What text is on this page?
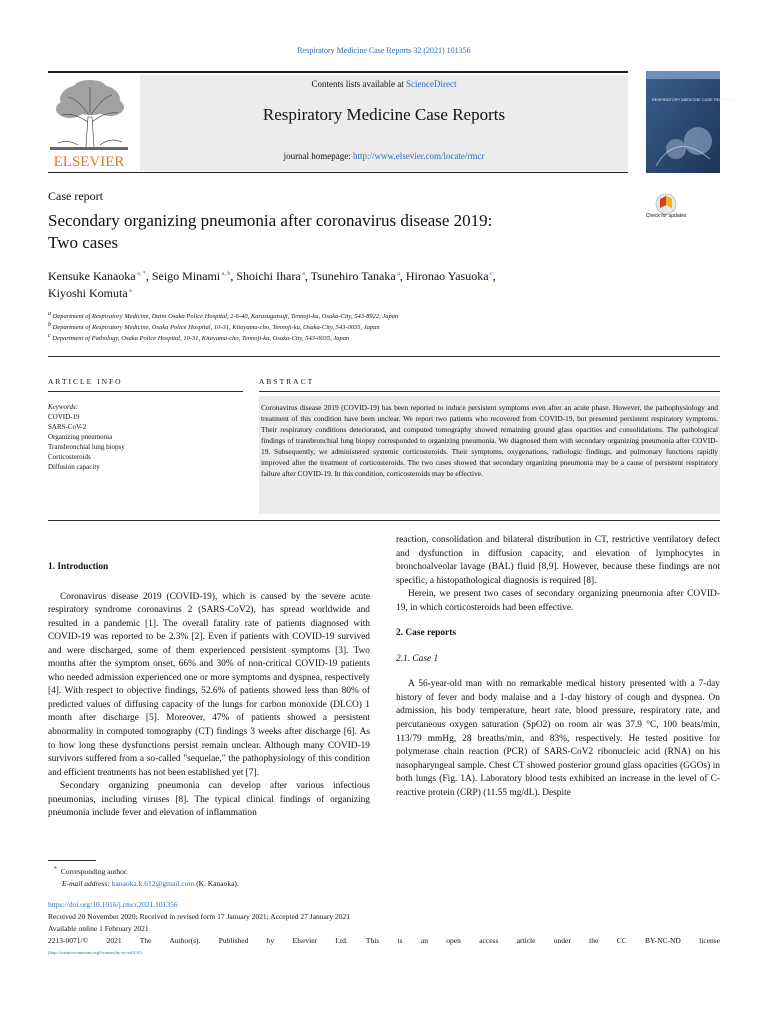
Respiratory Medicine Case Reports 32 (2021) 101356
Contents lists available at ScienceDirect
Respiratory Medicine Case Reports
journal homepage: http://www.elsevier.com/locate/rmcr
ELSEVIER
RESPIRATORY MEDICINE CASE REPORTS
Case report
Secondary organizing pneumonia after coronavirus disease 2019:
Two cases
Check for updates
Kensuke Kanaoka $^{a, *}$, Seigo Minami $^{a, b}$, Shoichi Ihara $^a$, Tsunehiro Tanaka $^a$, Hironao Yasuoka $^c$,
Kiyoshi Komuta $^a$
a Department of Respiratory Medicine, Daini Osaka Police Hospital, 2-6-40, Karasugatsuji, Tennoji-ku, Osaka-City, 543-8922, Japan
b Department of Respiratory Medicine, Osaka Police Hospital, 10-31, Kitayama-cho, Tennoji-ku, Osaka-City, 543-0035, Japan
c Department of Pathology, Osaka Police Hospital, 10-31, Kitayama-cho, Tennoji-ku, Osaka-City, 543-0035, Japan
ARTICLE INFO	ABSTRACT
Keywords:
COVID-19
SARS-CoV-2
Organizing pneumonia
Transbronchial lung biopsy
Corticosteroids
Diffusion capacity
Coronavirus disease 2019 (COVID-19) has been reported to induce persistent symptoms even after an acute phase. However, the pathophysiology and treatment of this condition have been unclear. We report two patients who recovered from COVID-19, but presented persistent respiratory symptoms. Their respiratory conditions deteriorated, and computed tomography showed remaining ground glass opacities and consolidations. The pathological findings of transbronchial lung biopsy corresponded to organizing pneumonia. We diagnosed them with secondary organizing pneumonia after COVID-19. Subsequently, we administered systemic corticosteroids. Their symptoms, oxygenations, radiologic findings, and pulmonary functions rapidly improved after the treatment of corticosteroids. The two cases showed that secondary organizing pneumonia may be a cause of persistent respiratory failure after COVID-19. In this condition, corticosteroids may be effective.
1. Introduction

Coronavirus disease 2019 (COVID-19), which is caused by the severe acute respiratory syndrome coronavirus 2 (SARS-CoV2), has spread worldwide and resulted in a pandemic [1]. The overall fatality rate of patients diagnosed with COVID-19 was reported to be 2.3% [2]. Even if patients with COVID-19 survived and were discharged, some of them experienced persistent symptoms [3]. Two months after the symptom onset, 66% and 30% of non-critical COVID-19 patients who needed admission experienced one or more symptoms and dyspnea, respectively [4]. With respect to objective findings, 52.6% of patients showed less than 80% of predicted values of diffusing capacity of the lungs for carbon monoxide (DLCO) 1 month after discharge [5]. Moreover, 47% of patients showed a persistent abnormality in computed tomography (CT) findings 3 weeks after discharge [6]. As to how long these dysfunctions persist remain unclear. Although many COVID-19 survivors suffered from a so-called "sequelae," the pathophysiology of this condition and efficient treatments has not been established yet [7].

Secondary organizing pneumonia can develop after various infectious pneumonias, including viruses [8]. The typical clinical findings of organizing pneumonia include fever and elevation of inflammation

reaction, consolidation and bilateral distribution in CT, restrictive ventilatory defect and dysfunction in diffusion capacity, and elevation of lymphocytes in bronchoalveolar lavage (BAL) fluid [8,9]. However, because these findings are not specific, a histopathological diagnosis is required [8].

Herein, we present two cases of secondary organizing pneumonia after COVID-19, in which corticosteroids had been effective.

2. Case reports
2.1. Case 1

A 56-year-old man with no remarkable medical history presented with a 7-day history of fever and body malaise and a 1-day history of cough and dyspnea. On admission, his body temperature, heart rate, blood pressure, respiratory rate, and percutaneous oxygen saturation (SpO2) on room air was 37.9 °C, 100 beats/min, 113/79 mmHg, 28 breaths/min, and 83%, respectively. He tested positive for polymerase chain reaction (PCR) of SARS-CoV2 ribonucleic acid (RNA) on his nasopharyngeal sample. Chest CT showed posterior ground glass opacities (GGOs) in both lungs (Fig. 1A). Laboratory blood tests exhibited an increase in the level of C-reactive protein (CRP) (11.55 mg/dL). Despite

* Corresponding author.
E-mail address: kanaoka.k.612@gmail.com (K. Kanaoka).
https://doi.org/10.1016/j.rmcr.2021.101356
Received 20 November 2020; Received in revised form 17 January 2021; Accepted 27 January 2021
Available online 1 February 2021
2213-0071/© 2021 The Author(s). Published by Elsevier Ltd. This is an open access article under the CC BY-NC-ND license
(http://creativecommons.org/licenses/by-nc-nd/4.0/).
